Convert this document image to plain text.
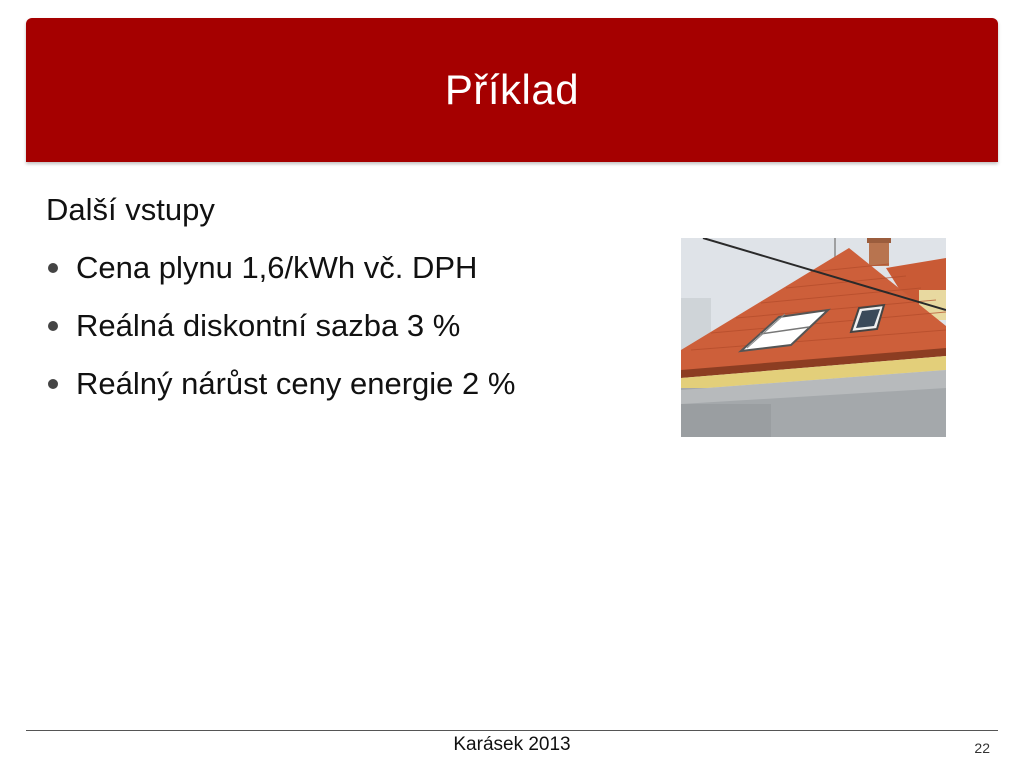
Příklad
Další vstupy
Cena plynu 1,6/kWh vč. DPH
Reálná diskontní sazba 3 %
Reálný nárůst ceny energie 2 %
Karásek 2013	22
